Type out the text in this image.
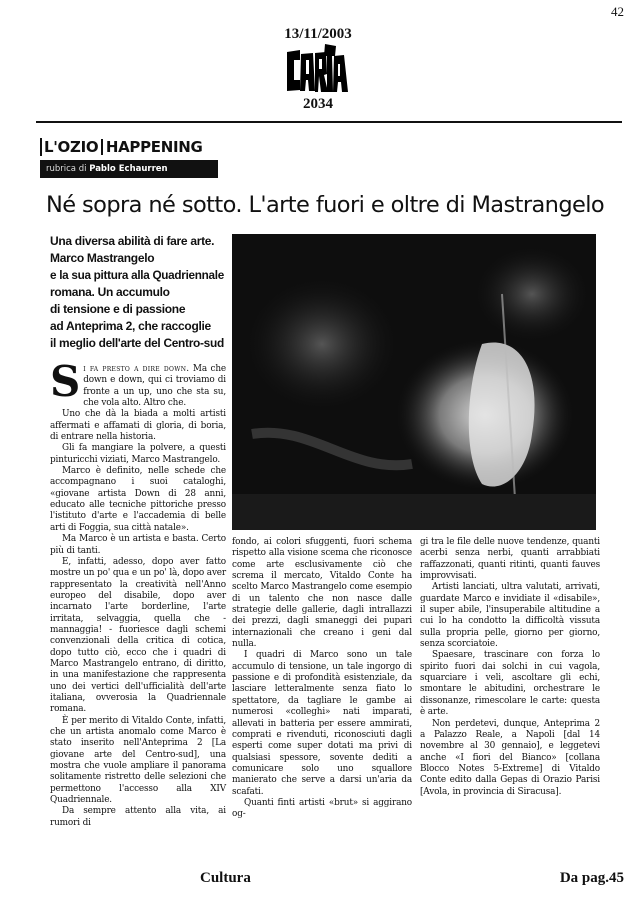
42
13/11/2003
2034
L'OZIO HAPPENING
rubrica di Pablo Echaurren
Né sopra né sotto. L'arte fuori e oltre di Mastrangelo
Una diversa abilità di fare arte.
Marco Mastrangelo
e la sua pittura alla Quadriennale
romana. Un accumulo
di tensione e di passione
ad Anteprima 2, che raccoglie
il meglio dell'arte del Centro-sud

Si fa presto a dire down. Ma che down e down, qui ci troviamo di fronte a un up, uno che sta su, che vola alto. Altro che.

Uno che dà la biada a molti artisti affermati e affamati di gloria, di boria, di entrare nella historia.

Gli fa mangiare la polvere, a questi pinturicchi viziati, Marco Mastrangelo.

Marco è definito, nelle schede che accompagnano i suoi cataloghi, «giovane artista Down di 28 anni, educato alle tecniche pittoriche presso l'istituto d'arte e l'accademia di belle arti di Foggia, sua città natale».

Ma Marco è un artista e basta. Certo più di tanti.

E, infatti, adesso, dopo aver fatto mostre un po' qua e un po' là, dopo aver rappresentato la creatività nell'Anno europeo del disabile, dopo aver incarnato l'arte borderline, l'arte irritata, selvaggia, quella che - mannaggia! - fuoriesce dagli schemi convenzionali della critica di cotica, dopo tutto ciò, ecco che i quadri di Marco Mastrangelo entrano, di diritto, in una manifestazione che rappresenta uno dei vertici dell'ufficialità dell'arte italiana, ovverosia la Quadriennale romana.

È per merito di Vitaldo Conte, infatti, che un artista anomalo come Marco è stato inserito nell'Anteprima 2 [La giovane arte del Centro-sud], una mostra che vuole ampliare il panorama solitamente ristretto delle selezioni che permettono l'accesso alla XIV Quadriennale.

Da sempre attento alla vita, ai rumori di

fondo, ai colori sfuggenti, fuori schema rispetto alla visione scema che riconosce come arte esclusivamente ciò che screma il mercato, Vitaldo Conte ha scelto Marco Mastrangelo come esempio di un talento che non nasce dalle strategie delle gallerie, dagli intrallazzi dei prezzi, dagli smaneggi dei pupari internazionali che creano i geni dal nulla.

I quadri di Marco sono un tale accumulo di tensione, un tale ingorgo di passione e di profondità esistenziale, da lasciare letteralmente senza fiato lo spettatore, da tagliare le gambe ai numerosi «colleghi» nati imparati, allevati in batteria per essere ammirati, comprati e rivenduti, riconosciuti dagli esperti come super dotati ma privi di qualsiasi spessore, sovente dediti a comunicare solo uno squallore manierato che serve a darsi un'aria da scafati.

Quanti finti artisti «brut» si aggirano og-

gi tra le file delle nuove tendenze, quanti acerbi senza nerbi, quanti arrabbiati raffazzonati, quanti ritinti, quanti fauves improvvisati.

Artisti lanciati, ultra valutati, arrivati, guardate Marco e invidiate il «disabile», il super abile, l'insuperabile altitudine a cui lo ha condotto la difficoltà vissuta sulla propria pelle, giorno per giorno, senza scorciatoie.

Spaesare, trascinare con forza lo spirito fuori dai solchi in cui vagola, squarciare i veli, ascoltare gli echi, smontare le abitudini, orchestrare le dissonanze, rimescolare le carte: questa è arte.

Non perdetevi, dunque, Anteprima 2 a Palazzo Reale, a Napoli [dal 14 novembre al 30 gennaio], e leggetevi anche «I fiori del Bianco» [collana Blocco Notes 5-Extreme] di Vitaldo Conte edito dalla Gepas di Orazio Parisi [Avola, in provincia di Siracusa].

Cultura	Da pag.45
